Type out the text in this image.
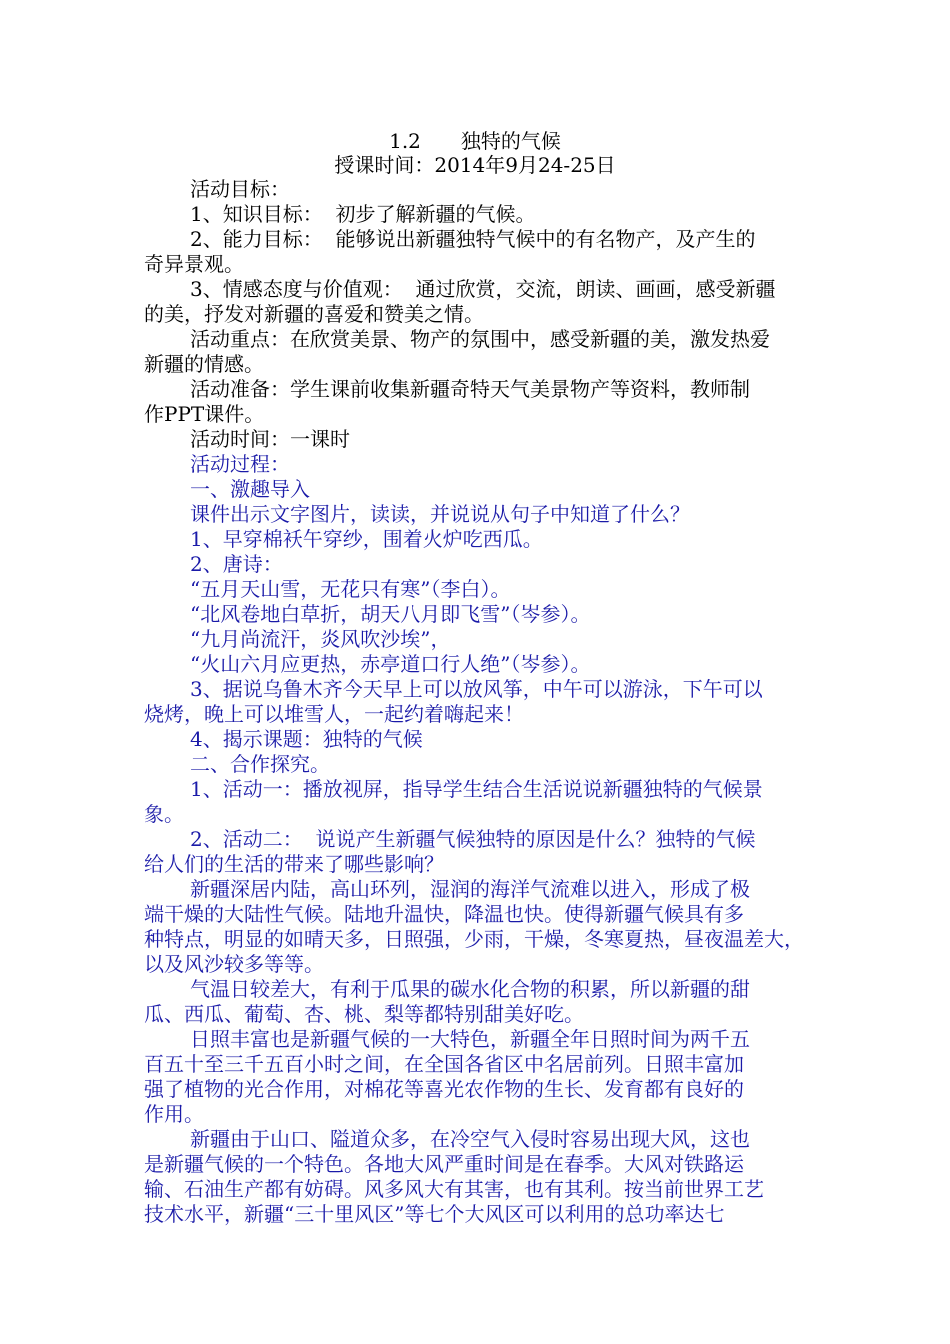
1.2　　独特的气候
授课时间：2014年9月24-25日
活动目标：
1、知识目标：  初步了解新疆的气候。
2、能力目标：  能够说出新疆独特气候中的有名物产，及产生的
奇异景观。
3、情感态度与价值观：  通过欣赏，交流，朗读、画画，感受新疆
的美，抒发对新疆的喜爱和赞美之情。
活动重点：在欣赏美景、物产的氛围中，感受新疆的美，激发热爱
新疆的情感。
活动准备：学生课前收集新疆奇特天气美景物产等资料，教师制
作PPT课件。
活动时间：一课时
活动过程：
一、激趣导入
课件出示文字图片，读读，并说说从句子中知道了什么？
1、早穿棉袄午穿纱，围着火炉吃西瓜。
2、唐诗：
“五月天山雪，无花只有寒”（李白）。
“北风卷地白草折，胡天八月即飞雪”（岑参）。
“九月尚流汗，炎风吹沙埃”，
“火山六月应更热，赤亭道口行人绝”（岑参）。
3、据说乌鲁木齐今天早上可以放风筝，中午可以游泳，下午可以
烧烤，晚上可以堆雪人，一起约着嗨起来！
4、揭示课题：独特的气候
二、合作探究。
1、活动一：播放视屏，指导学生结合生活说说新疆独特的气候景
象。
2、活动二：  说说产生新疆气候独特的原因是什么？独特的气候
给人们的生活的带来了哪些影响？
新疆深居内陆，高山环列，湿润的海洋气流难以进入，形成了极
端干燥的大陆性气候。陆地升温快，降温也快。使得新疆气候具有多
种特点，明显的如晴天多，日照强，少雨，干燥，冬寒夏热，昼夜温差大，
以及风沙较多等等。
气温日较差大，有利于瓜果的碳水化合物的积累，所以新疆的甜
瓜、西瓜、葡萄、杏、桃、梨等都特别甜美好吃。
日照丰富也是新疆气候的一大特色，新疆全年日照时间为两千五
百五十至三千五百小时之间，在全国各省区中名居前列。日照丰富加
强了植物的光合作用，对棉花等喜光农作物的生长、发育都有良好的
作用。
新疆由于山口、隘道众多，在冷空气入侵时容易出现大风，这也
是新疆气候的一个特色。各地大风严重时间是在春季。大风对铁路运
输、石油生产都有妨碍。风多风大有其害，也有其利。按当前世界工艺
技术水平，新疆“三十里风区”等七个大风区可以利用的总功率达七
